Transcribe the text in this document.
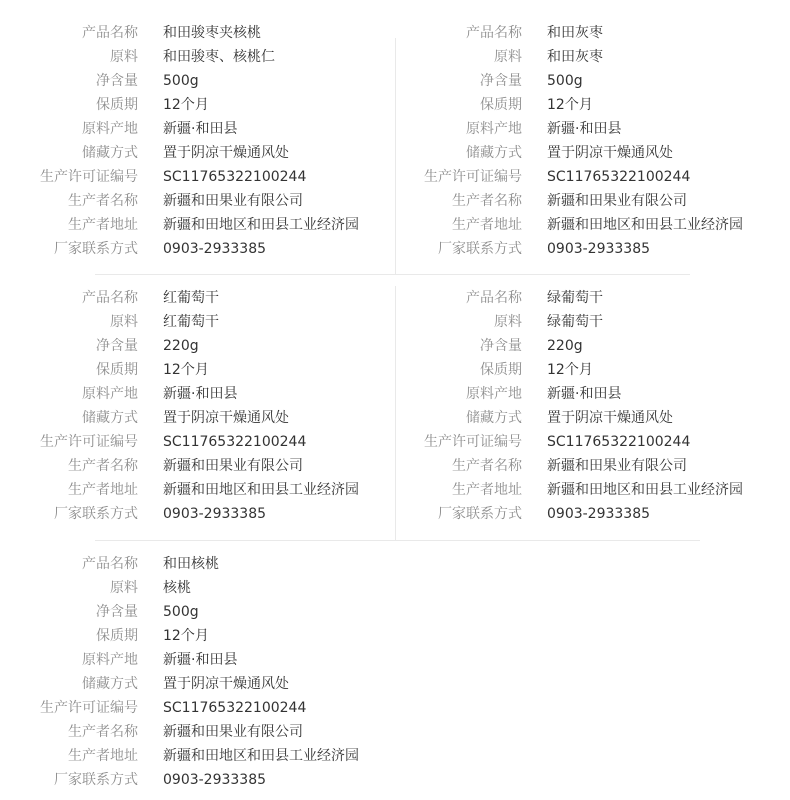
产品名称 和田骏枣夹核桃
原料 和田骏枣、核桃仁
净含量 500g
保质期 12个月
原料产地 新疆·和田县
储藏方式 置于阴凉干燥通风处
生产许可证编号 SC11765322100244
生产者名称 新疆和田果业有限公司
生产者地址 新疆和田地区和田县工业经济园
厂家联系方式 0903-2933385
产品名称 和田灰枣
原料 和田灰枣
净含量 500g
保质期 12个月
原料产地 新疆·和田县
储藏方式 置于阴凉干燥通风处
生产许可证编号 SC11765322100244
生产者名称 新疆和田果业有限公司
生产者地址 新疆和田地区和田县工业经济园
厂家联系方式 0903-2933385
产品名称 红葡萄干
原料 红葡萄干
净含量 220g
保质期 12个月
原料产地 新疆·和田县
储藏方式 置于阴凉干燥通风处
生产许可证编号 SC11765322100244
生产者名称 新疆和田果业有限公司
生产者地址 新疆和田地区和田县工业经济园
厂家联系方式 0903-2933385
产品名称 绿葡萄干
原料 绿葡萄干
净含量 220g
保质期 12个月
原料产地 新疆·和田县
储藏方式 置于阴凉干燥通风处
生产许可证编号 SC11765322100244
生产者名称 新疆和田果业有限公司
生产者地址 新疆和田地区和田县工业经济园
厂家联系方式 0903-2933385
产品名称 和田核桃
原料 核桃
净含量 500g
保质期 12个月
原料产地 新疆·和田县
储藏方式 置于阴凉干燥通风处
生产许可证编号 SC11765322100244
生产者名称 新疆和田果业有限公司
生产者地址 新疆和田地区和田县工业经济园
厂家联系方式 0903-2933385
